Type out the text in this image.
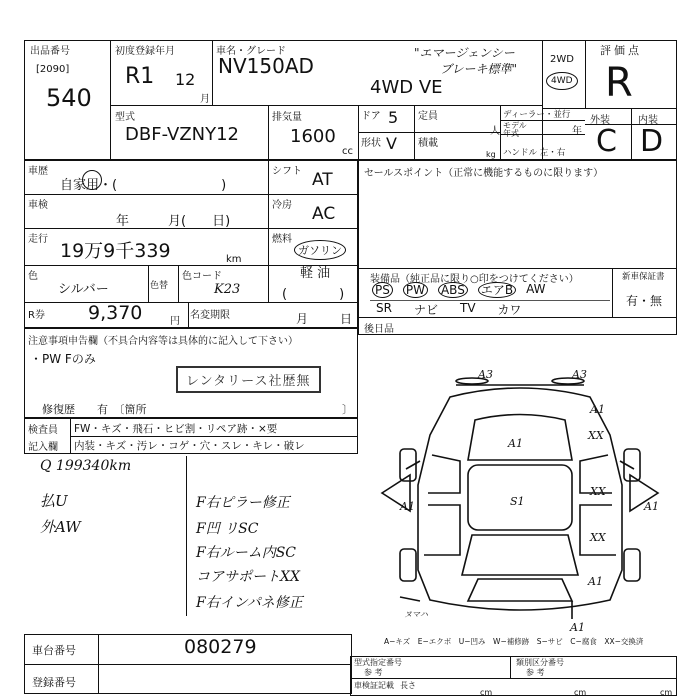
出品番号
[2090]
540
初度登録年月
R1 12
月
車名・グレード
NV150AD
4WD VE
"エマージェンシー
ブレーキ標準"
2WD
4WD
評価点
R
外装	内装
C D
型式
DBF-VZNY12
排気量
1600
cc
ドア 5
形状 V
定員
人
積載
kg
ディーラー・並行
モデル年式	年
ハンドル 左・右
車歴
自家用・(　　　　　　　　)
シフト AT
車検
年　　　月(　　日)
冷房 AC
走行
19万9千339	km
燃料
ガソリン
軽 油
(　　　　)
色
シルバー	色替
色コード
K23
R券 9,370	円
名変期限	月	日
セールスポイント（正常に機能するものに限ります）
装備品（純正品に限り○印をつけてください）	新車保証書
有・無
PS PW ABS エアB AW
SR ナビ TV カワ
後日品
注意事項申告欄（不具合内容等は具体的に記入して下さい）
・PW Fのみ
レンタリース社歴無
修復歴　　有　〔箇所	〕
検査員
記入欄
FW・キズ・飛石・ヒビ割・リペア跡・×要
内装・キズ・汚レ・コゲ・穴・スレ・キレ・破レ
Q 199340km
払U
外AW
F右ピラー修正
F凹 リSC
F右ルーム内SC
コアサポートXX
F右インパネ修正
A3	A3
A1
A1	A1
A1
S1
XX
XX
XX
A1
A1
ヌマハ
A−キズ　E−エクボ　U−凹み　W−補修跡　S−サビ　C−腐食　XX−交換済
車台番号	080279
登録番号
型式指定番号
参 考
類別区分番号
参 考
車検証記載 長さ
cm	cm	cm
